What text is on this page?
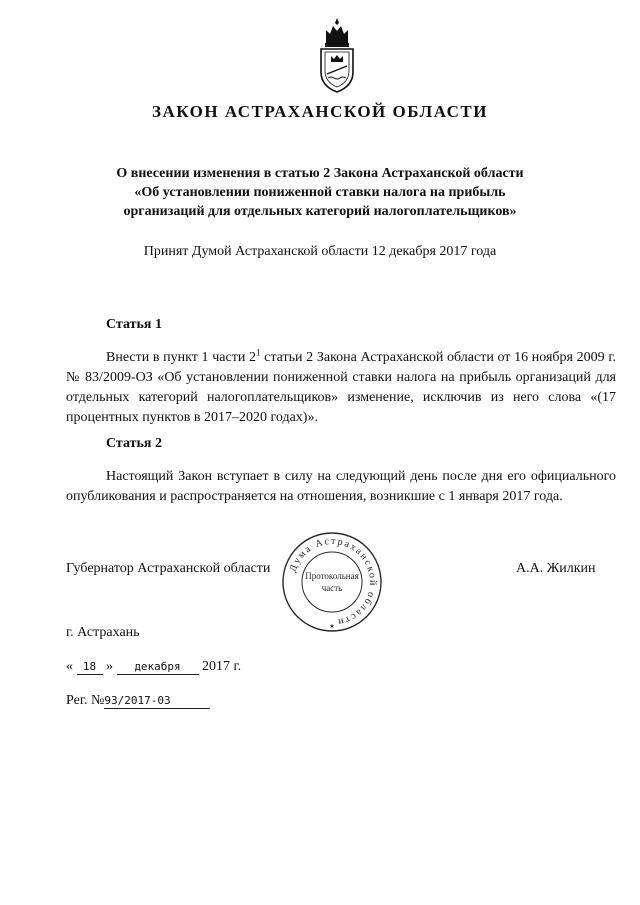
ЗАКОН АСТРАХАНСКОЙ ОБЛАСТИ
О внесении изменения в статью 2 Закона Астраханской области
«Об установлении пониженной ставки налога на прибыль
организаций для отдельных категорий налогоплательщиков»
Принят Думой Астраханской области 12 декабря 2017 года
Статья 1
Внести в пункт 1 части $2^1$ статьи 2 Закона Астраханской области от 16 ноября 2009 г. № 83/2009-ОЗ «Об установлении пониженной ставки налога на прибыль организаций для отдельных категорий налогоплательщиков» изменение, исключив из него слова «(17 процентных пунктов в 2017–2020 годах)».
Статья 2
Настоящий Закон вступает в силу на следующий день после дня его официального опубликования и распространяется на отношения, возникшие с 1 января 2017 года.
Губернатор Астраханской области	А.А. Жилкин
Дума Астраханской области
Протокольная
часть
★
г. Астрахань
« 18 » декабря 2017 г.
Рег. №93/2017-03
